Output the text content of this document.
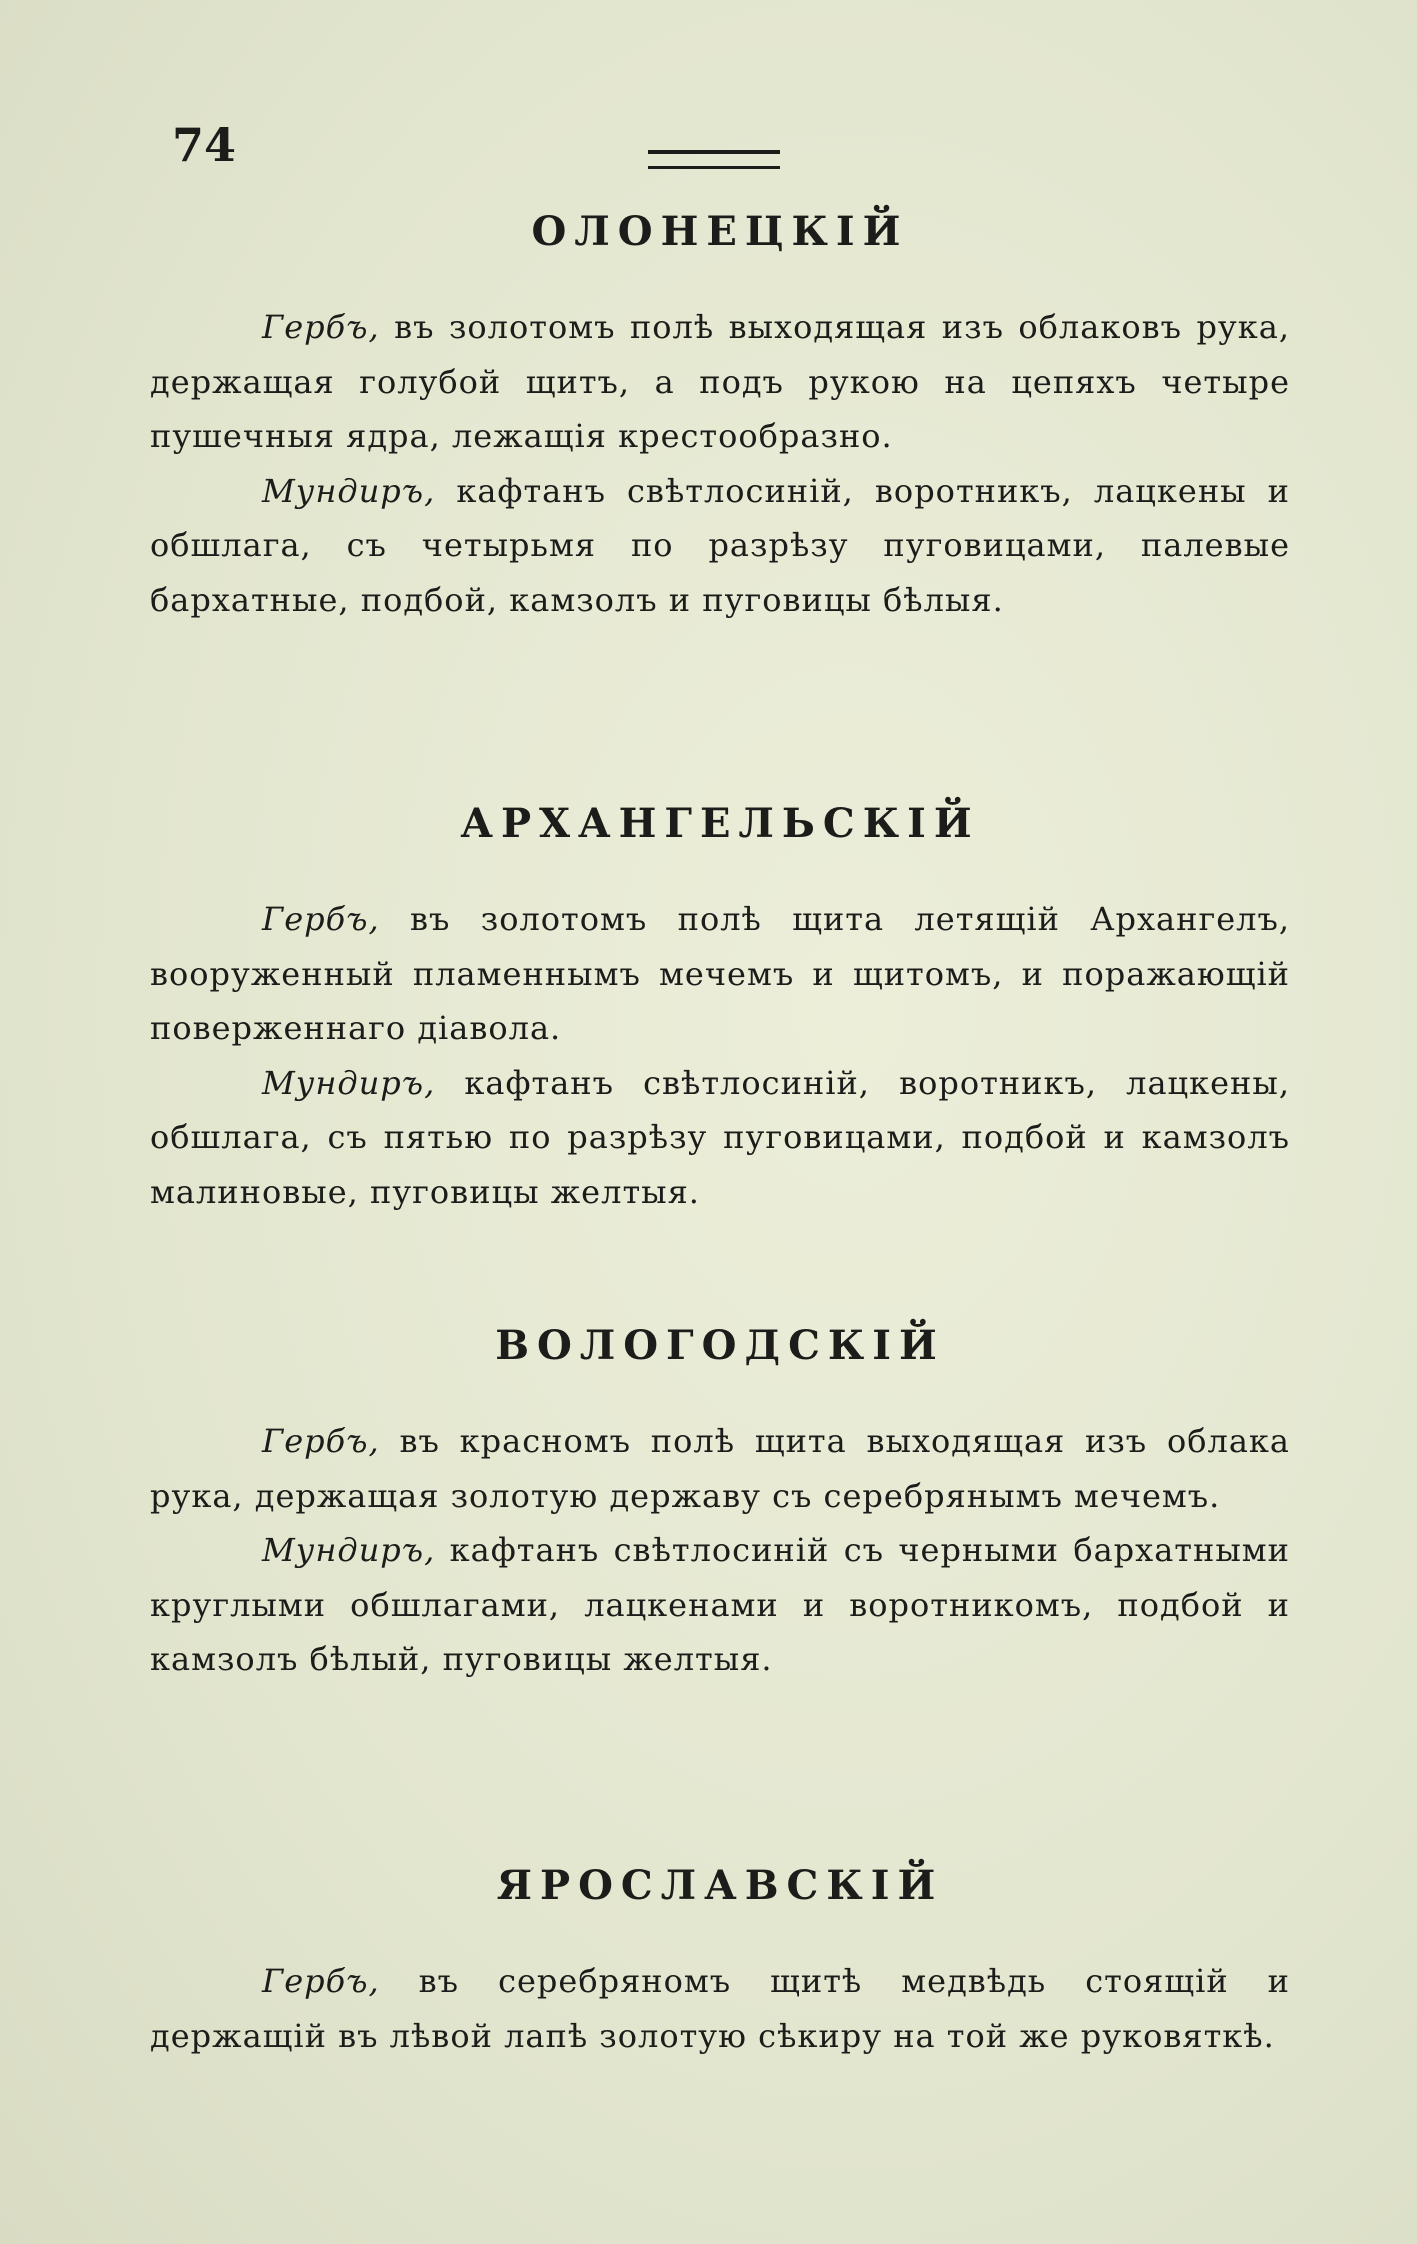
74
ОЛОНЕЦКІЙ

Гербъ, въ золотомъ полѣ выходящая изъ облаковъ рука, держащая голубой щитъ, а подъ рукою на цепяхъ четыре пушечныя ядра, лежащія крестообразно.

Мундиръ, кафтанъ свѣтлосиній, воротникъ, лацкены и обшлага, съ четырьмя по разрѣзу пуговицами, палевые бархатные, подбой, камзолъ и пуговицы бѣлыя.

АРХАНГЕЛЬСКІЙ

Гербъ, въ золотомъ полѣ щита летящій Архангелъ, вооруженный пламеннымъ мечемъ и щитомъ, и поражающій поверженнаго діавола.

Мундиръ, кафтанъ свѣтлосиній, воротникъ, лацкены, обшлага, съ пятью по разрѣзу пуговицами, подбой и камзолъ малиновые, пуговицы желтыя.

ВОЛОГОДСКІЙ

Гербъ, въ красномъ полѣ щита выходящая изъ облака рука, держащая золотую державу съ серебрянымъ мечемъ.

Мундиръ, кафтанъ свѣтлосиній съ черными бархатными круглыми обшлагами, лацкенами и воротникомъ, подбой и камзолъ бѣлый, пуговицы желтыя.

ЯРОСЛАВСКІЙ

Гербъ, въ серебряномъ щитѣ медвѣдь стоящій и держащій въ лѣвой лапѣ золотую сѣкиру на той же руковяткѣ.
